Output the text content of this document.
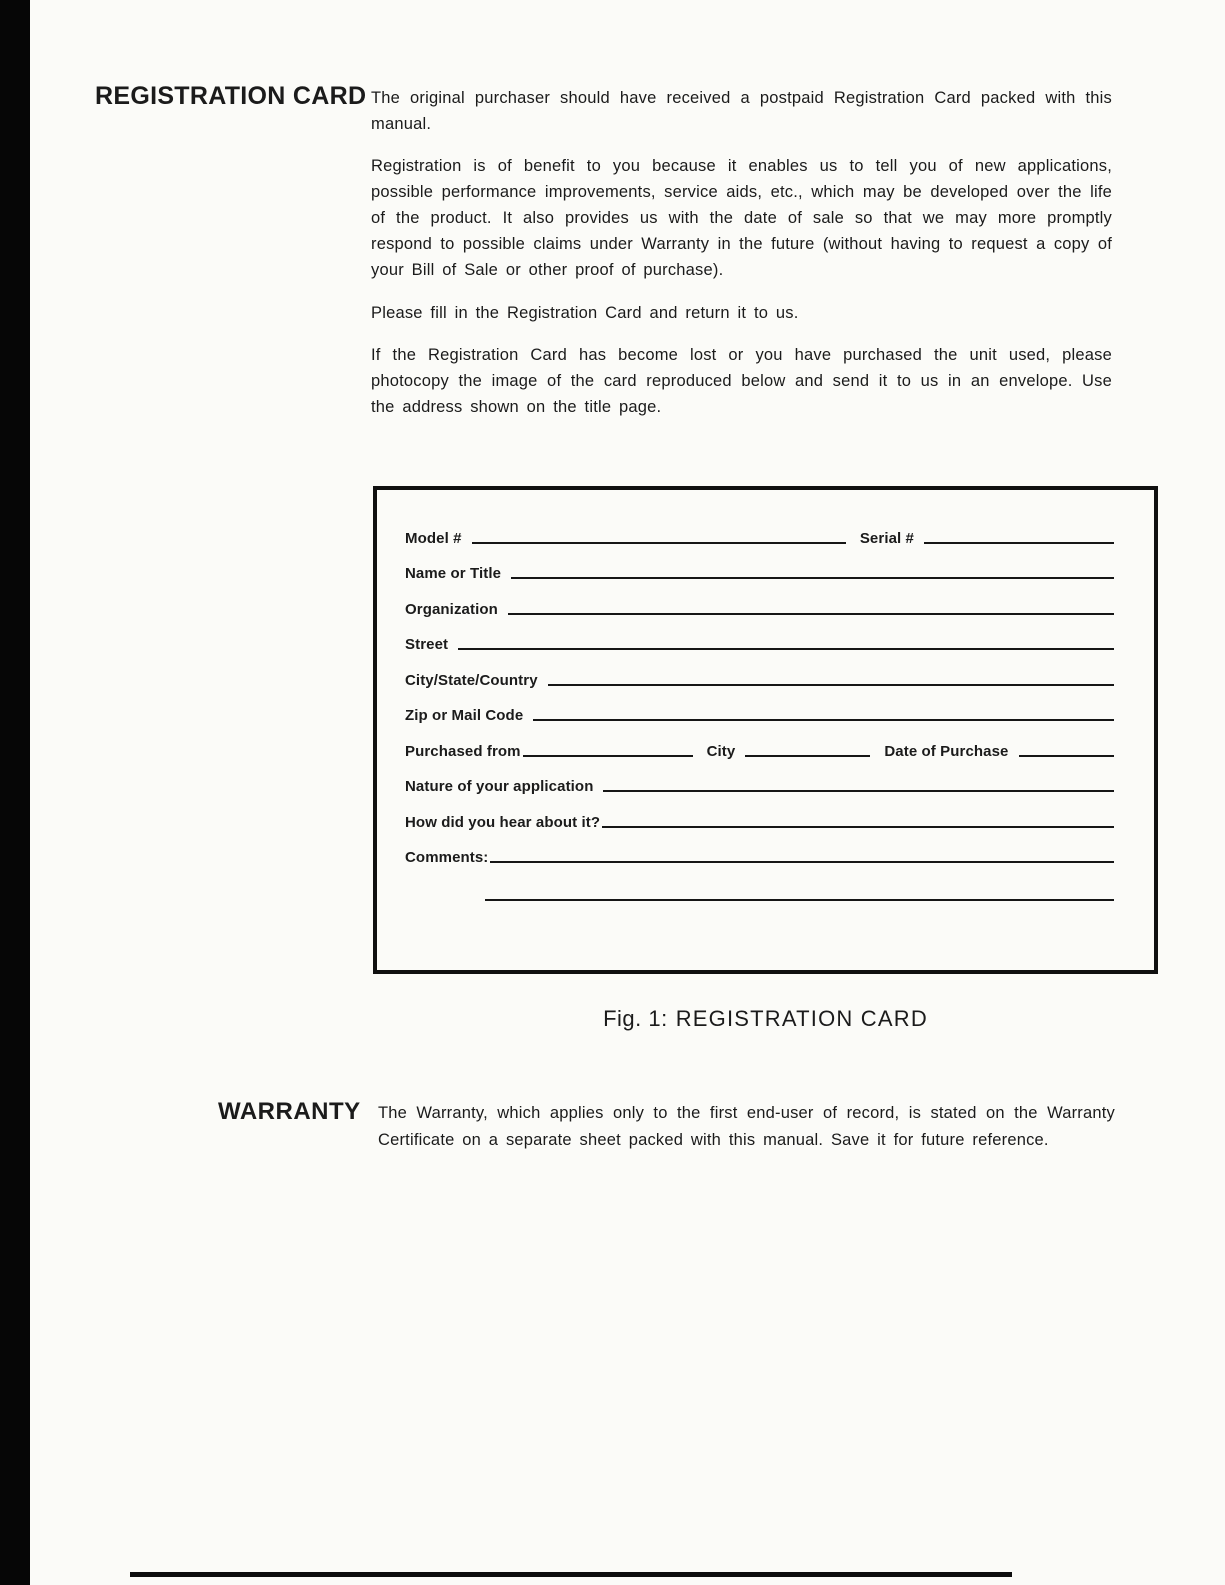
REGISTRATION CARD The original purchaser should have received a postpaid Registration Card packed with this manual.

Registration is of benefit to you because it enables us to tell you of new applications, possible performance improvements, service aids, etc., which may be developed over the life of the product. It also provides us with the date of sale so that we may more promptly respond to possible claims under Warranty in the future (without having to request a copy of your Bill of Sale or other proof of purchase).

Please fill in the Registration Card and return it to us.

If the Registration Card has become lost or you have purchased the unit used, please photocopy the image of the card reproduced below and send it to us in an envelope. Use the address shown on the title page.

Model #	Serial #
Name or Title
Organization
Street
City/State/Country
Zip or Mail Code
Purchased from	City	Date of Purchase
Nature of your application
How did you hear about it?
Comments:
Fig. 1: REGISTRATION CARD
WARRANTY The Warranty, which applies only to the first end-user of record, is stated on the Warranty Certificate on a separate sheet packed with this manual. Save it for future reference.
